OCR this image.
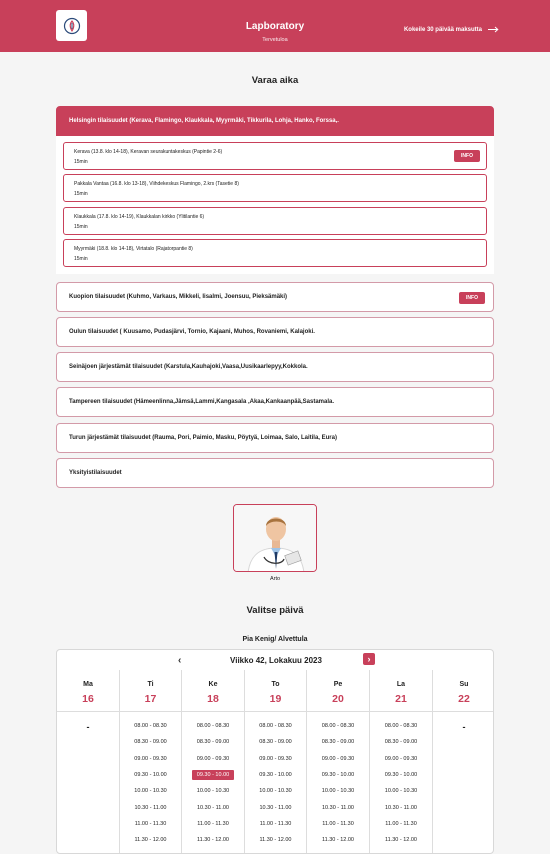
Lapboratory
Tervetuloa
Kokeile 30 päivää maksutta
Varaa aika
Helsingin tilaisuudet (Kerava, Flamingo, Klaukkala, Myyrmäki, Tikkurila, Lohja, Hanko, Forssa,.
Kerava (13.8. klo 14-18), Keravan seurakuntakeskus (Papintie 2-6)
15min
INFO
Pakkala Vantaa (16.8. klo 13-18), Viihdekeskus Flamingo, 2.krs (Tasetie 8)
15min
Klaukkala (17.8. klo 14-19), Klaukkalan kirkko (Ylitilantie 6)
15min
Myyrmäki (18.8. klo 14-18), Virtatalo (Rajatorpantie 8)
15min
Kuopion tilaisuudet (Kuhmo, Varkaus, Mikkeli, Iisalmi, Joensuu, Pieksämäki)	INFO
Oulun tilaisuudet ( Kuusamo, Pudasjärvi, Tornio, Kajaani, Muhos, Rovaniemi, Kalajoki.
Seinäjoen järjestämät tilaisuudet (Karstula,Kauhajoki,Vaasa,Uusikaarlepyy,Kokkola.
Tampereen tilaisuudet (Hämeenlinna,Jämsä,Lammi,Kangasala ,Akaa,Kankaanpää,Sastamala.
Turun järjestämät tilaisuudet (Rauma, Pori, Paimio, Masku, Pöytyä, Loimaa, Salo, Laitila, Eura)
Yksityistilaisuudet
Arto
Valitse päivä
Pia Kenig/ Alvettula
Viikko 42, Lokakuu 2023
‹	›
Ma
16
-
Ti
17
08.00 - 08.30
08.30 - 09.00
09.00 - 09.30
09.30 - 10.00
10.00 - 10.30
10.30 - 11.00
11.00 - 11.30
11.30 - 12.00
Ke
18
08.00 - 08.30
08.30 - 09.00
09.00 - 09.30
09.30 - 10.00
10.00 - 10.30
10.30 - 11.00
11.00 - 11.30
11.30 - 12.00
To
19
08.00 - 08.30
08.30 - 09.00
09.00 - 09.30
09.30 - 10.00
10.00 - 10.30
10.30 - 11.00
11.00 - 11.30
11.30 - 12.00
Pe
20
08.00 - 08.30
08.30 - 09.00
09.00 - 09.30
09.30 - 10.00
10.00 - 10.30
10.30 - 11.00
11.00 - 11.30
11.30 - 12.00
La
21
08.00 - 08.30
08.30 - 09.00
09.00 - 09.30
09.30 - 10.00
10.00 - 10.30
10.30 - 11.00
11.00 - 11.30
11.30 - 12.00
Su
22
-
